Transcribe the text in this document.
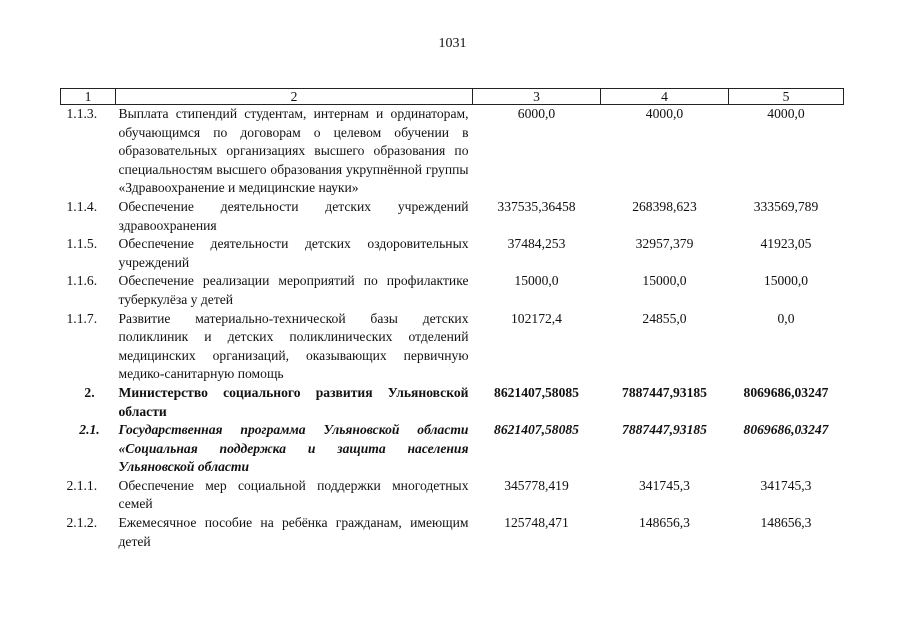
1031
1	2	3	4	5
1.1.3.	Выплата стипендий студентам, интернам и ординаторам, обучающимся по договорам о целевом обучении в образовательных организациях высшего образования по специальностям высшего образования укрупнённой группы «Здравоохранение и медицинские науки»	6000,0	4000,0	4000,0
1.1.4.	Обеспечение деятельности детских учреждений здравоохранения	337535,36458	268398,623	333569,789
1.1.5.	Обеспечение деятельности детских оздоровительных учреждений	37484,253	32957,379	41923,05
1.1.6.	Обеспечение реализации мероприятий по профилактике туберкулёза у детей	15000,0	15000,0	15000,0
1.1.7.	Развитие материально-технической базы детских поликлиник и детских поликлинических отделений медицинских организаций, оказывающих первичную медико-санитарную помощь	102172,4	24855,0	0,0
2.	Министерство социального развития Ульяновской области	8621407,58085	7887447,93185	8069686,03247
2.1.	Государственная программа Ульяновской области «Социальная поддержка и защита населения Ульяновской области	8621407,58085	7887447,93185	8069686,03247
2.1.1.	Обеспечение мер социальной поддержки многодетных семей	345778,419	341745,3	341745,3
2.1.2.	Ежемесячное пособие на ребёнка гражданам, имеющим детей	125748,471	148656,3	148656,3
